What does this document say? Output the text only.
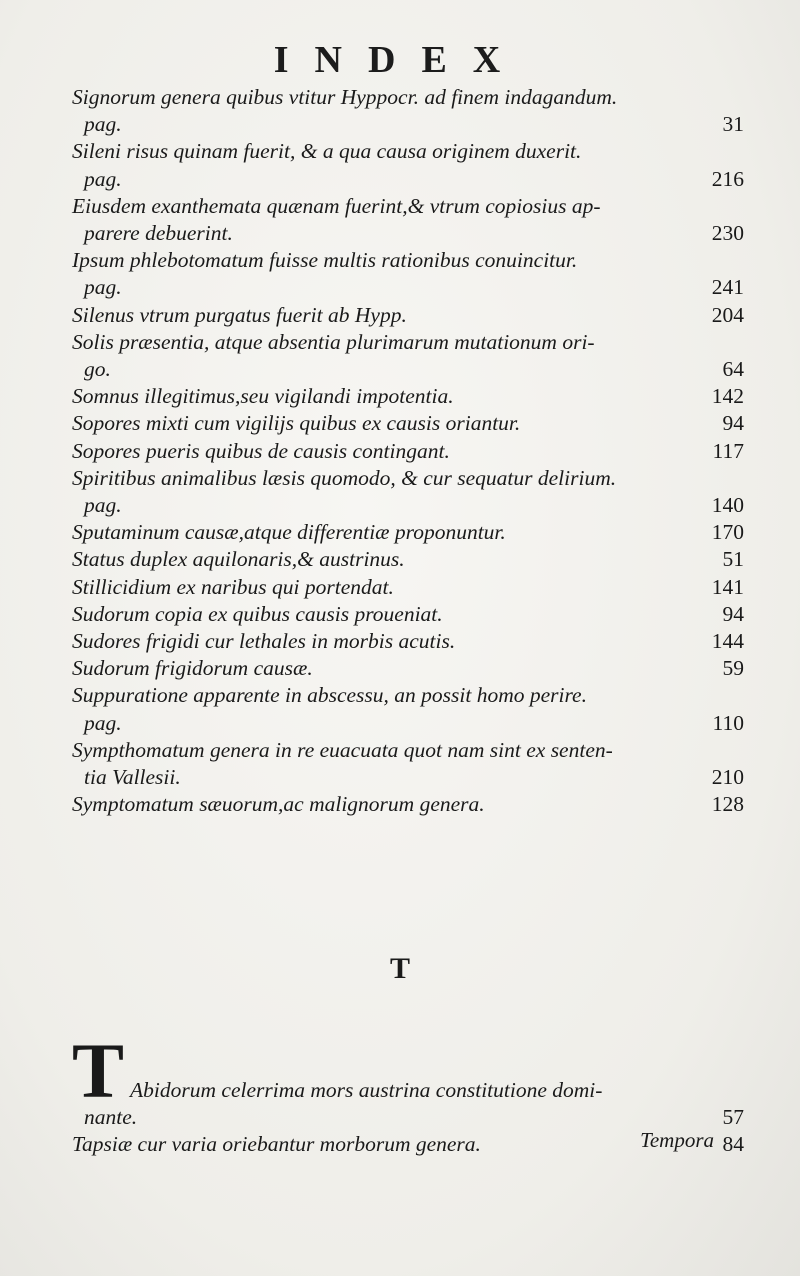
INDEX
Signorum genera quibus vtitur Hyppocr. ad finem indagandum.
pag.	31
Sileni risus quinam fuerit, & a qua causa originem duxerit.
pag.	216
Eiusdem exanthemata quænam fuerint,& vtrum copiosius ap-
parere debuerint.	230
Ipsum phlebotomatum fuisse multis rationibus conuincitur.
pag.	241
Silenus vtrum purgatus fuerit ab Hypp.	204
Solis præsentia, atque absentia plurimarum mutationum ori-
go.	64
Somnus illegitimus,seu vigilandi impotentia.	142
Sopores mixti cum vigilijs quibus ex causis oriantur.	94
Sopores pueris quibus de causis contingant.	117
Spiritibus animalibus læsis quomodo, & cur sequatur delirium.
pag.	140
Sputaminum causæ,atque differentiæ proponuntur.	170
Status duplex aquilonaris,& austrinus.	51
Stillicidium ex naribus qui portendat.	141
Sudorum copia ex quibus causis proueniat.	94
Sudores frigidi cur lethales in morbis acutis.	144
Sudorum frigidorum causæ.	59
Suppuratione apparente in abscessu, an possit homo perire.
pag.	110
Sympthomatum genera in re euacuata quot nam sint ex senten-
tia Vallesii.	210
Symptomatum sæuorum,ac malignorum genera.	128
T
T Abidorum celerrima mors austrina constitutione domi-
nante.	57
Tapsiæ cur varia oriebantur morborum genera.	84
Tempora
